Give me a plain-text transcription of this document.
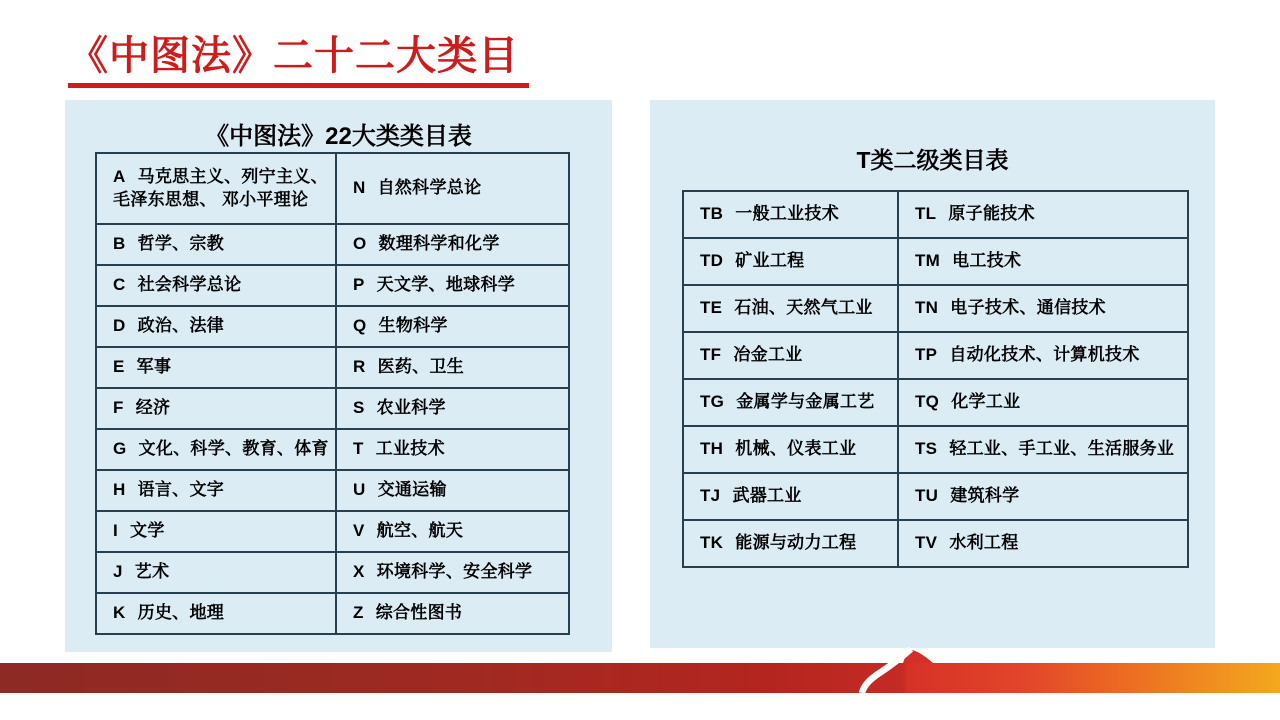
《中图法》二十二大类目
《中图法》22大类类目表
A 马克思主义、列宁主义、毛泽东思想、 邓小平理论	N 自然科学总论
B 哲学、宗教	O 数理科学和化学
C 社会科学总论	P 天文学、地球科学
D 政治、法律	Q 生物科学
E 军事	R 医药、卫生
F 经济	S 农业科学
G 文化、科学、教育、体育	T 工业技术
H 语言、文字	U 交通运输
I 文学	V 航空、航天
J 艺术	X 环境科学、安全科学
K 历史、地理	Z 综合性图书
T类二级类目表
TB 一般工业技术	TL 原子能技术
TD 矿业工程	TM 电工技术
TE 石油、天然气工业	TN 电子技术、通信技术
TF 冶金工业	TP 自动化技术、计算机技术
TG 金属学与金属工艺	TQ 化学工业
TH 机械、仪表工业	TS 轻工业、手工业、生活服务业
TJ 武器工业	TU 建筑科学
TK 能源与动力工程	TV 水利工程
